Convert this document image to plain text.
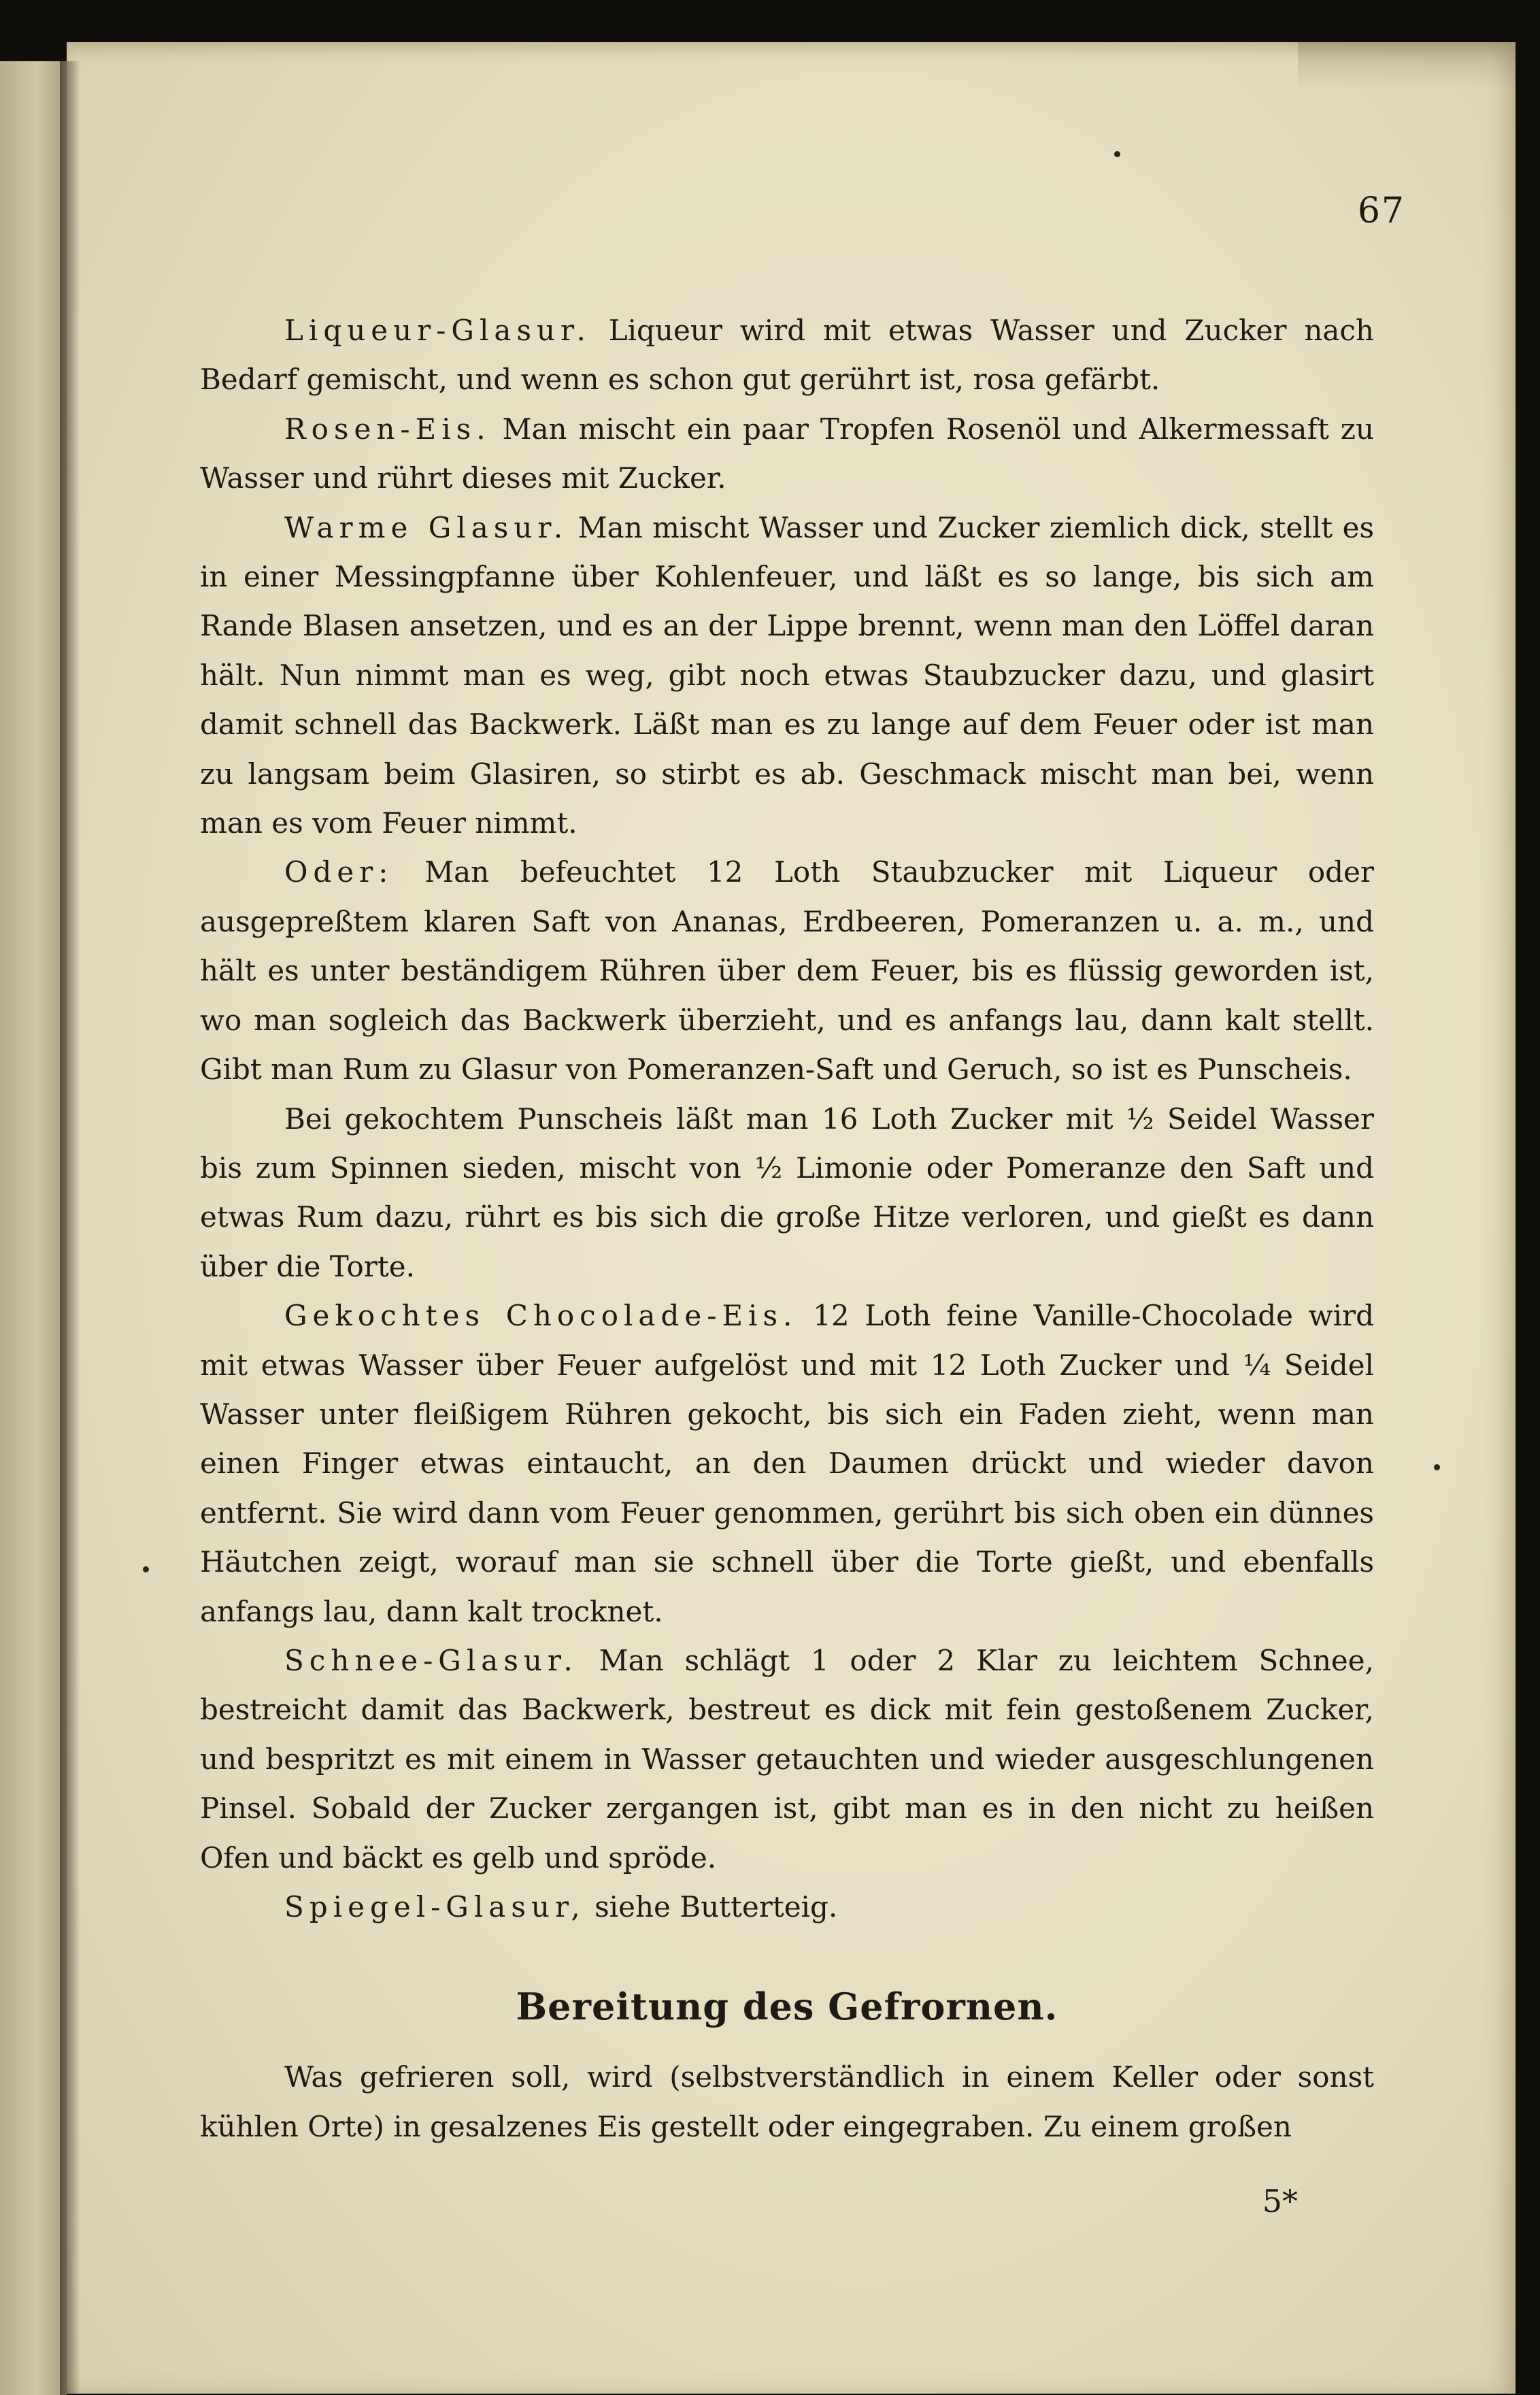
67

Liqueur-Glasur. Liqueur wird mit etwas Wasser und Zucker nach Bedarf gemischt, und wenn es schon gut gerührt ist, rosa gefärbt.

Rosen-Eis. Man mischt ein paar Tropfen Rosenöl und Alkermessaft zu Wasser und rührt dieses mit Zucker.

Warme Glasur. Man mischt Wasser und Zucker ziemlich dick, stellt es in einer Messingpfanne über Kohlenfeuer, und läßt es so lange, bis sich am Rande Blasen ansetzen, und es an der Lippe brennt, wenn man den Löffel daran hält. Nun nimmt man es weg, gibt noch etwas Staubzucker dazu, und glasirt damit schnell das Backwerk. Läßt man es zu lange auf dem Feuer oder ist man zu langsam beim Glasiren, so stirbt es ab. Geschmack mischt man bei, wenn man es vom Feuer nimmt.

Oder: Man befeuchtet 12 Loth Staubzucker mit Liqueur oder ausgepreßtem klaren Saft von Ananas, Erdbeeren, Pomeranzen u. a. m., und hält es unter beständigem Rühren über dem Feuer, bis es flüssig geworden ist, wo man sogleich das Backwerk überzieht, und es anfangs lau, dann kalt stellt. Gibt man Rum zu Glasur von Pomeranzen-Saft und Geruch, so ist es Punscheis.

Bei gekochtem Punscheis läßt man 16 Loth Zucker mit ½ Seidel Wasser bis zum Spinnen sieden, mischt von ½ Limonie oder Pomeranze den Saft und etwas Rum dazu, rührt es bis sich die große Hitze verloren, und gießt es dann über die Torte.

Gekochtes Chocolade-Eis. 12 Loth feine Vanille-Chocolade wird mit etwas Wasser über Feuer aufgelöst und mit 12 Loth Zucker und ¼ Seidel Wasser unter fleißigem Rühren gekocht, bis sich ein Faden zieht, wenn man einen Finger etwas eintaucht, an den Daumen drückt und wieder davon entfernt. Sie wird dann vom Feuer genommen, gerührt bis sich oben ein dünnes Häutchen zeigt, worauf man sie schnell über die Torte gießt, und ebenfalls anfangs lau, dann kalt trocknet.

Schnee-Glasur. Man schlägt 1 oder 2 Klar zu leichtem Schnee, bestreicht damit das Backwerk, bestreut es dick mit fein gestoßenem Zucker, und bespritzt es mit einem in Wasser getauchten und wieder ausgeschlungenen Pinsel. Sobald der Zucker zergangen ist, gibt man es in den nicht zu heißen Ofen und bäckt es gelb und spröde.

Spiegel-Glasur, siehe Butterteig.

Bereitung des Gefrornen.

Was gefrieren soll, wird (selbstverständlich in einem Keller oder sonst kühlen Orte) in gesalzenes Eis gestellt oder eingegraben. Zu einem großen

5*
